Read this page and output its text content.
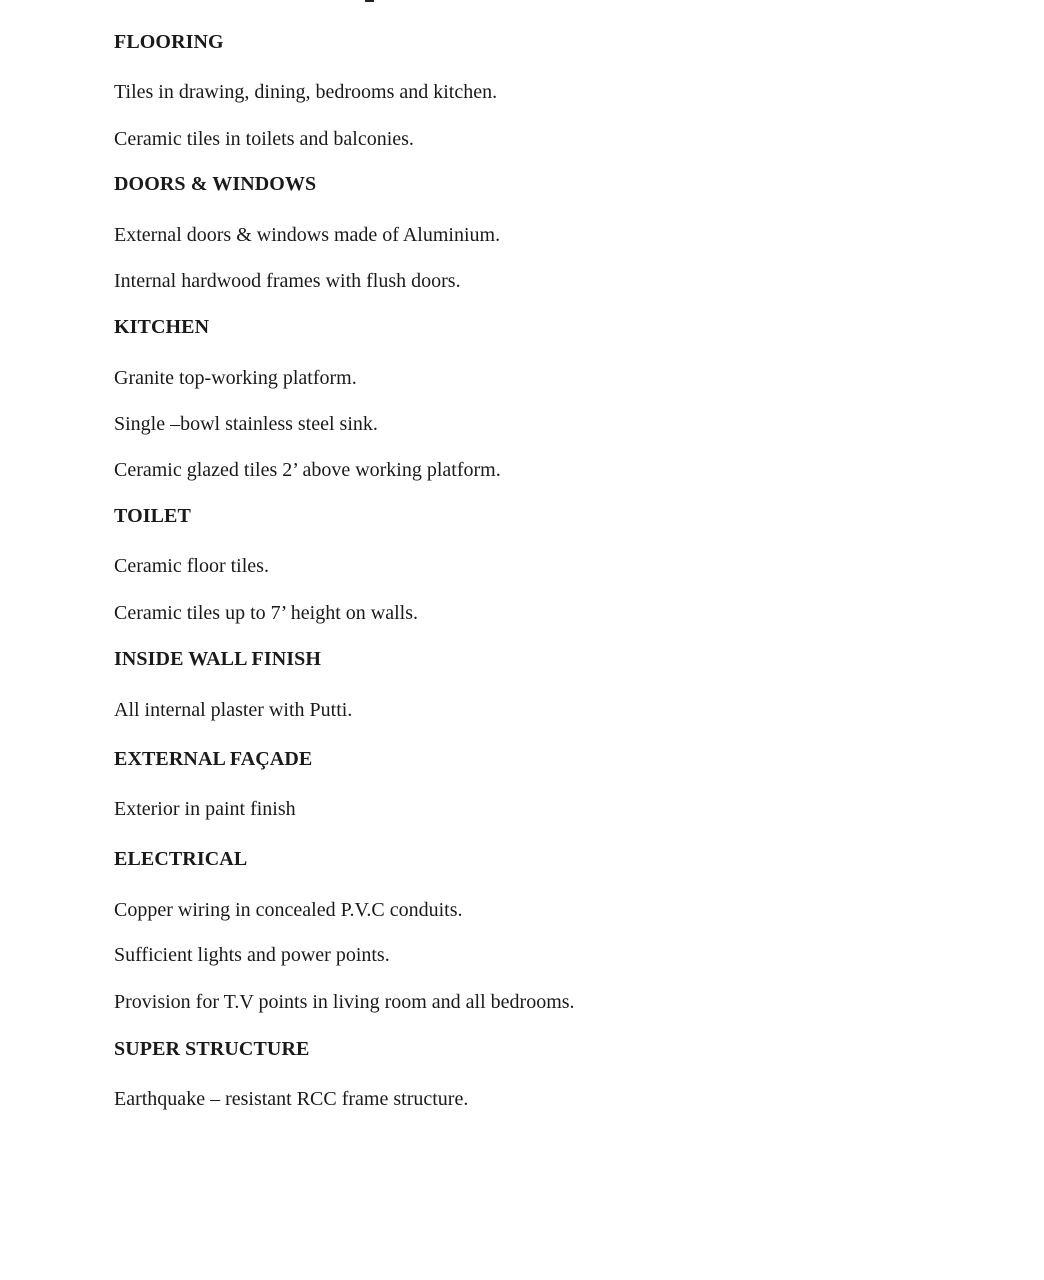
FLOORING
Tiles in drawing, dining, bedrooms and kitchen.
Ceramic tiles in toilets and balconies.
DOORS & WINDOWS
External doors & windows made of Aluminium.
Internal hardwood frames with flush doors.
KITCHEN
Granite top-working platform.
Single –bowl stainless steel sink.
Ceramic glazed tiles 2’ above working platform.
TOILET
Ceramic floor tiles.
Ceramic tiles up to 7’ height on walls.
INSIDE WALL FINISH
All internal plaster with Putti.
EXTERNAL FAÇADE
Exterior in paint finish
ELECTRICAL
Copper wiring in concealed P.V.C conduits.
Sufficient lights and power points.
Provision for T.V points in living room and all bedrooms.
SUPER STRUCTURE
Earthquake – resistant RCC frame structure.
